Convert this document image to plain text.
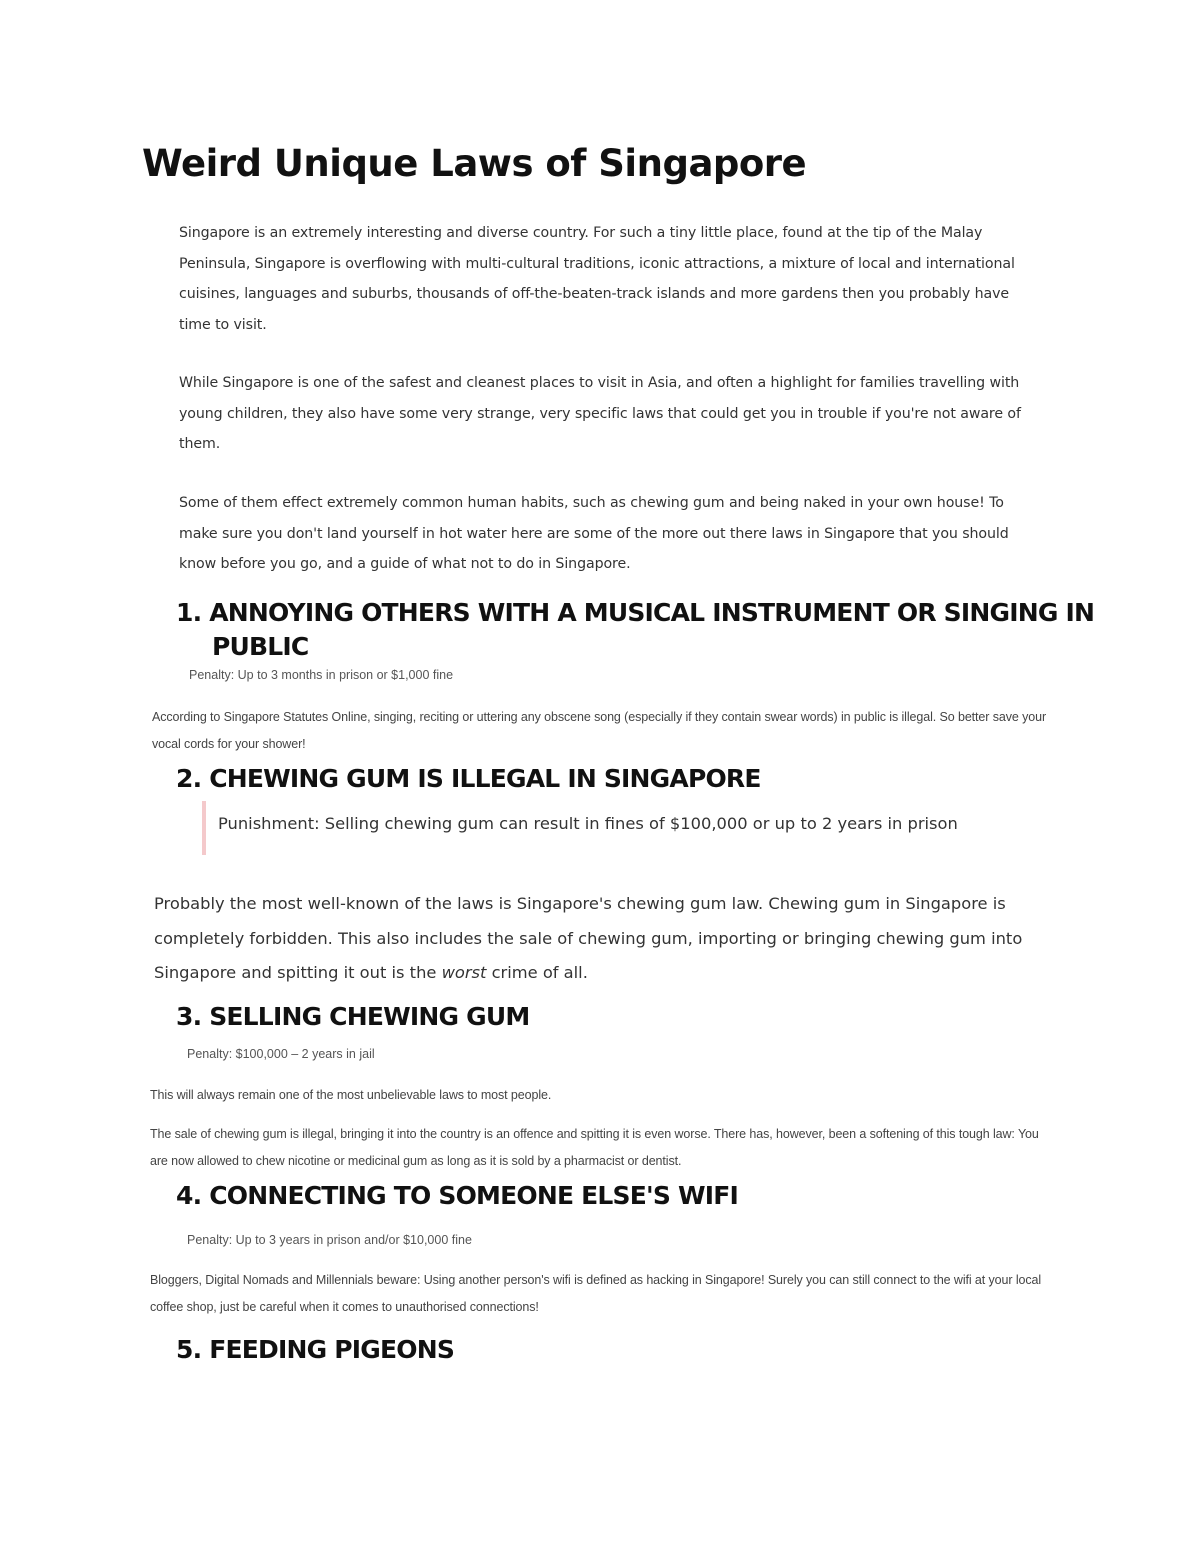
Weird Unique Laws of Singapore

Singapore is an extremely interesting and diverse country. For such a tiny little place, found at the tip of the Malay Peninsula, Singapore is overflowing with multi-cultural traditions, iconic attractions, a mixture of local and international cuisines, languages and suburbs, thousands of off-the-beaten-track islands and more gardens then you probably have time to visit.

While Singapore is one of the safest and cleanest places to visit in Asia, and often a highlight for families travelling with young children, they also have some very strange, very specific laws that could get you in trouble if you're not aware of them.

Some of them effect extremely common human habits, such as chewing gum and being naked in your own house! To make sure you don't land yourself in hot water here are some of the more out there laws in Singapore that you should know before you go, and a guide of what not to do in Singapore.

1. ANNOYING OTHERS WITH A MUSICAL INSTRUMENT OR SINGING IN
PUBLIC
Penalty: Up to 3 months in prison or $1,000 fine

According to Singapore Statutes Online, singing, reciting or uttering any obscene song (especially if they contain swear words) in public is illegal. So better save your vocal cords for your shower!

2. CHEWING GUM IS ILLEGAL IN SINGAPORE
Punishment: Selling chewing gum can result in fines of $100,000 or up to 2 years in prison

Probably the most well-known of the laws is Singapore's chewing gum law. Chewing gum in Singapore is completely forbidden. This also includes the sale of chewing gum, importing or bringing chewing gum into Singapore and spitting it out is the worst crime of all.

3. SELLING CHEWING GUM
Penalty: $100,000 – 2 years in jail

This will always remain one of the most unbelievable laws to most people.

The sale of chewing gum is illegal, bringing it into the country is an offence and spitting it is even worse. There has, however, been a softening of this tough law: You are now allowed to chew nicotine or medicinal gum as long as it is sold by a pharmacist or dentist.

4. CONNECTING TO SOMEONE ELSE'S WIFI
Penalty: Up to 3 years in prison and/or $10,000 fine

Bloggers, Digital Nomads and Millennials beware: Using another person's wifi is defined as hacking in Singapore! Surely you can still connect to the wifi at your local coffee shop, just be careful when it comes to unauthorised connections!

5. FEEDING PIGEONS
